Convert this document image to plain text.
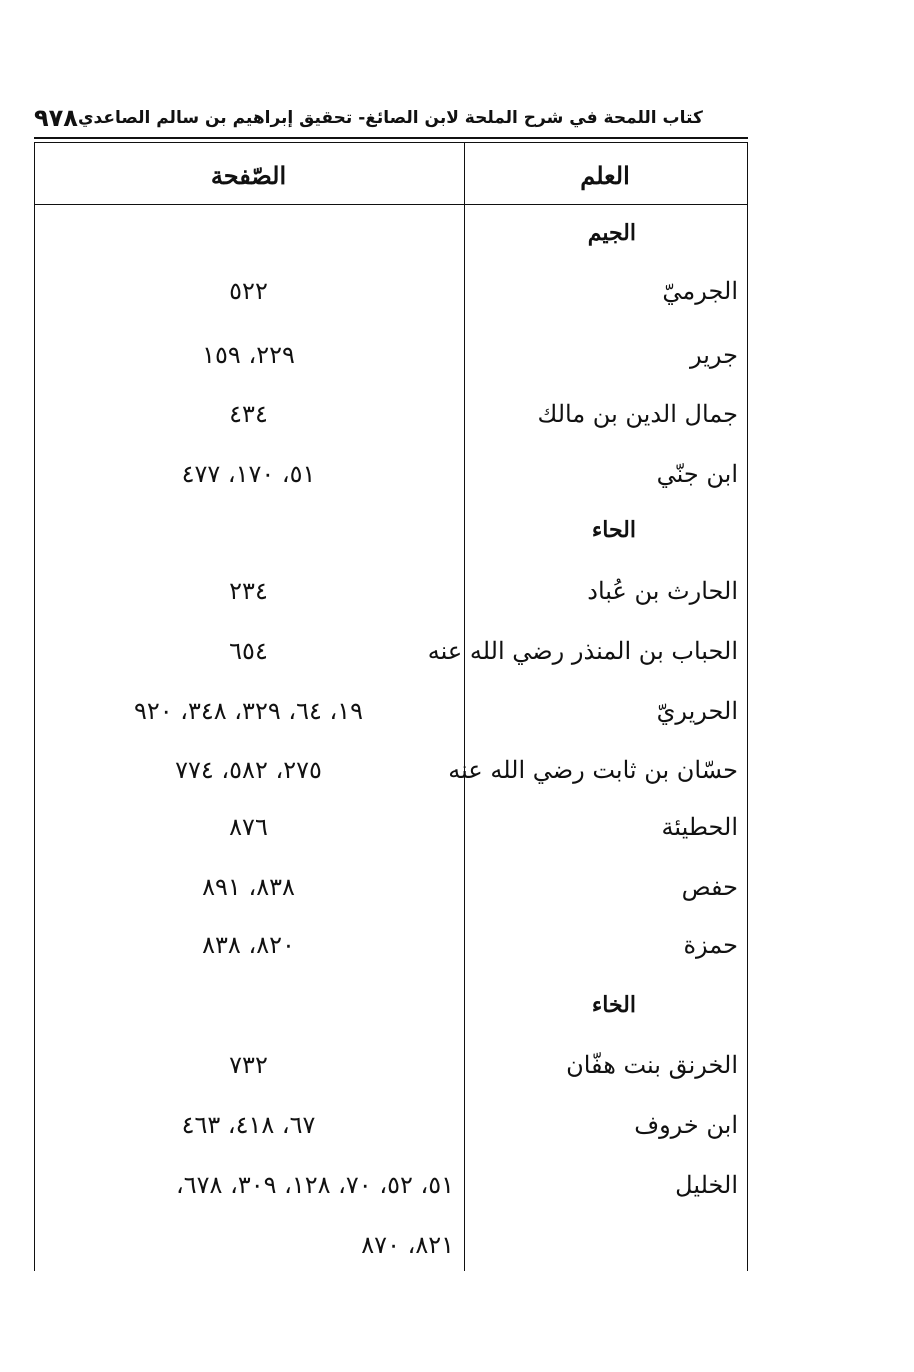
٩٧٨ كتاب اللمحة في شرح الملحة لابن الصائغ- تحقيق إبراهيم بن سالم الصاعدي
العلم
الصّفحة
الجيم
الجرميّ
٥٢٢
جرير
٢٢٩، ١٥٩
جمال الدين بن مالك
٤٣٤
ابن جنّي
٥١، ١٧٠، ٤٧٧
الحاء
الحارث بن عُباد
٢٣٤
الحباب بن المنذر رضي الله عنه
٦٥٤
الحريريّ
١٩، ٦٤، ٣٢٩، ٣٤٨، ٩٢٠
حسّان بن ثابت رضي الله عنه
٢٧٥، ٥٨٢، ٧٧٤
الحطيئة
٨٧٦
حفص
٨٣٨، ٨٩١
حمزة
٨٢٠، ٨٣٨
الخاء
الخرنق بنت هفّان
٧٣٢
ابن خروف
٦٧، ٤١٨، ٤٦٣
الخليل
٥١، ٥٢، ٧٠، ١٢٨، ٣٠٩، ٦٧٨،
٨٢١، ٨٧٠
